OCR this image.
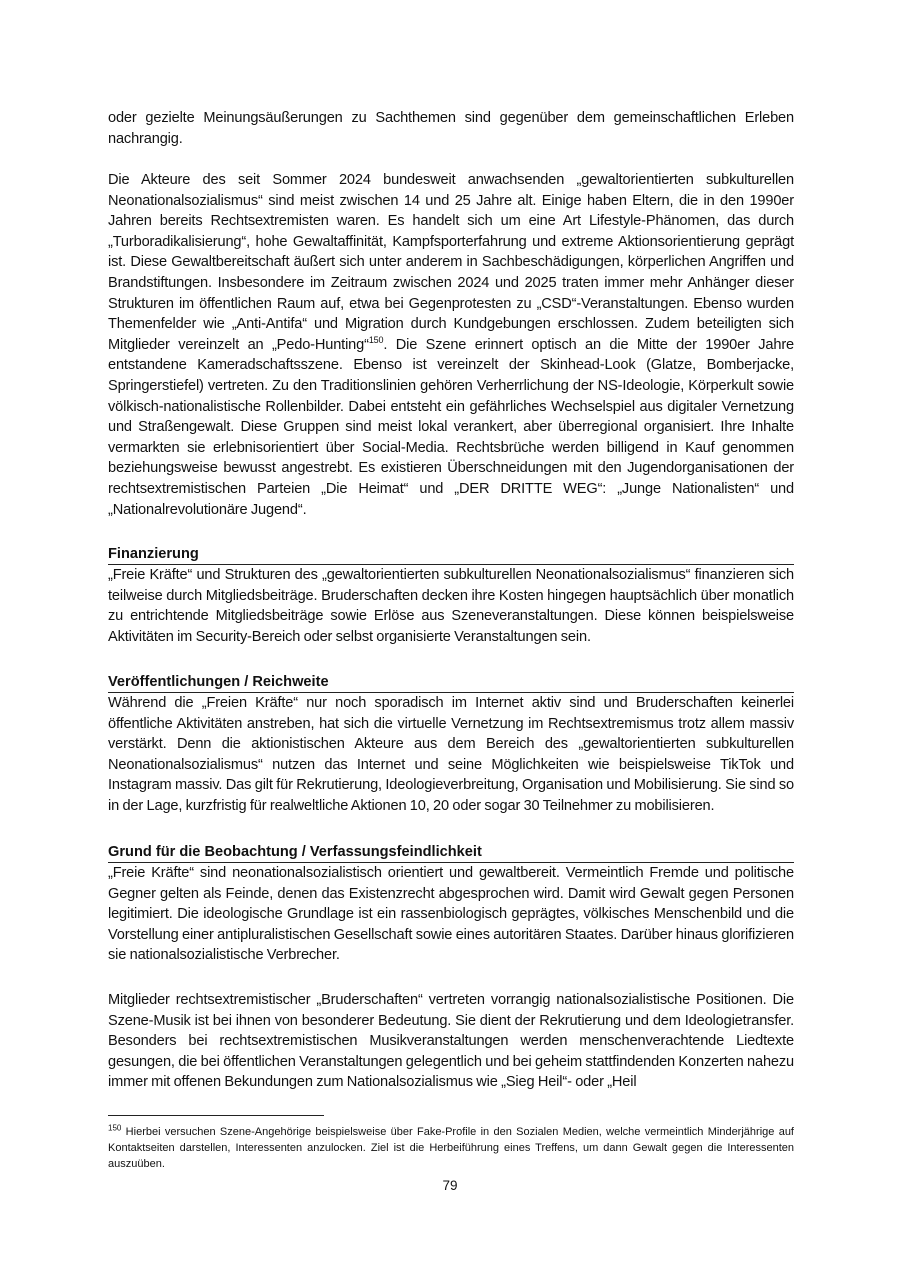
oder gezielte Meinungsäußerungen zu Sachthemen sind gegenüber dem gemeinschaftlichen Erleben nachrangig.

Die Akteure des seit Sommer 2024 bundesweit anwachsenden „gewaltorientierten subkulturellen Neonationalsozialismus“ sind meist zwischen 14 und 25 Jahre alt. Einige haben Eltern, die in den 1990er Jahren bereits Rechtsextremisten waren. Es handelt sich um eine Art Lifestyle-Phänomen, das durch „Turboradikalisierung“, hohe Gewaltaffinität, Kampfsporterfahrung und extreme Aktionsorientierung geprägt ist. Diese Gewaltbereitschaft äußert sich unter anderem in Sachbeschädigungen, körperlichen Angriffen und Brandstiftungen. Insbesondere im Zeitraum zwischen 2024 und 2025 traten immer mehr Anhänger dieser Strukturen im öffentlichen Raum auf, etwa bei Gegenprotesten zu „CSD“-Veranstaltungen. Ebenso wurden Themenfelder wie „Anti-Antifa“ und Migration durch Kundgebungen erschlossen. Zudem beteiligten sich Mitglieder vereinzelt an „Pedo-Hunting“$^{150}$. Die Szene erinnert optisch an die Mitte der 1990er Jahre entstandene Kameradschaftsszene. Ebenso ist vereinzelt der Skinhead-Look (Glatze, Bomberjacke, Springerstiefel) vertreten. Zu den Traditionslinien gehören Verherrlichung der NS-Ideologie, Körperkult sowie völkisch-nationalistische Rollenbilder. Dabei entsteht ein gefährliches Wechselspiel aus digitaler Vernetzung und Straßengewalt. Diese Gruppen sind meist lokal verankert, aber überregional organisiert. Ihre Inhalte vermarkten sie erlebnisorientiert über Social-Media. Rechtsbrüche werden billigend in Kauf genommen beziehungsweise bewusst angestrebt. Es existieren Überschneidungen mit den Jugendorganisationen der rechtsextremistischen Parteien „Die Heimat“ und „DER DRITTE WEG“: „Junge Nationalisten“ und „Nationalrevolutionäre Jugend“.

Finanzierung

„Freie Kräfte“ und Strukturen des „gewaltorientierten subkulturellen Neonationalsozialismus“ finanzieren sich teilweise durch Mitgliedsbeiträge. Bruderschaften decken ihre Kosten hingegen hauptsächlich über monatlich zu entrichtende Mitgliedsbeiträge sowie Erlöse aus Szeneveranstaltungen. Diese können beispielsweise Aktivitäten im Security-Bereich oder selbst organisierte Veranstaltungen sein.

Veröffentlichungen / Reichweite

Während die „Freien Kräfte“ nur noch sporadisch im Internet aktiv sind und Bruderschaften keinerlei öffentliche Aktivitäten anstreben, hat sich die virtuelle Vernetzung im Rechtsextremismus trotz allem massiv verstärkt. Denn die aktionistischen Akteure aus dem Bereich des „gewaltorientierten subkulturellen Neonationalsozialismus“ nutzen das Internet und seine Möglichkeiten wie beispielsweise TikTok und Instagram massiv. Das gilt für Rekrutierung, Ideologieverbreitung, Organisation und Mobilisierung. Sie sind so in der Lage, kurzfristig für realweltliche Aktionen 10, 20 oder sogar 30 Teilnehmer zu mobilisieren.

Grund für die Beobachtung / Verfassungsfeindlichkeit

„Freie Kräfte“ sind neonationalsozialistisch orientiert und gewaltbereit. Vermeintlich Fremde und politische Gegner gelten als Feinde, denen das Existenzrecht abgesprochen wird. Damit wird Gewalt gegen Personen legitimiert. Die ideologische Grundlage ist ein rassenbiologisch geprägtes, völkisches Menschenbild und die Vorstellung einer antipluralistischen Gesellschaft sowie eines autoritären Staates. Darüber hinaus glorifizieren sie nationalsozialistische Verbrecher.

Mitglieder rechtsextremistischer „Bruderschaften“ vertreten vorrangig nationalsozialistische Positionen. Die Szene-Musik ist bei ihnen von besonderer Bedeutung. Sie dient der Rekrutierung und dem Ideologietransfer. Besonders bei rechtsextremistischen Musikveranstaltungen werden menschenverachtende Liedtexte gesungen, die bei öffentlichen Veranstaltungen gelegentlich und bei geheim stattfindenden Konzerten nahezu immer mit offenen Bekundungen zum Nationalsozialismus wie „Sieg Heil“- oder „Heil

$^{150}$ Hierbei versuchen Szene-Angehörige beispielsweise über Fake-Profile in den Sozialen Medien, welche vermeintlich Minderjährige auf Kontaktseiten darstellen, Interessenten anzulocken. Ziel ist die Herbeiführung eines Treffens, um dann Gewalt gegen die Interessenten auszuüben.
79
